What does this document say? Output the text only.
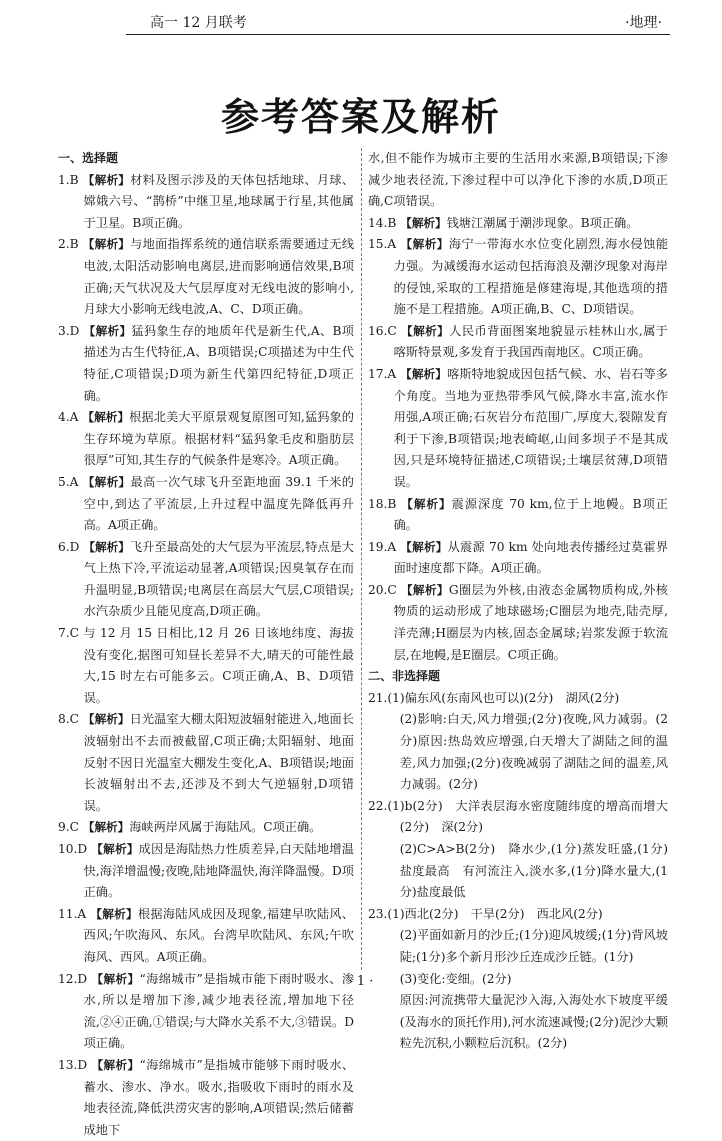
高一 12 月联考	·地理·
参考答案及解析
一、选择题
1.B 【解析】材料及图示涉及的天体包括地球、月球、嫦娥六号、“鹊桥”中继卫星,地球属于行星,其他属于卫星。B项正确。
2.B 【解析】与地面指挥系统的通信联系需要通过无线电波,太阳活动影响电离层,进而影响通信效果,B项正确;天气状况及大气层厚度对无线电波的影响小,月球大小影响无线电波,A、C、D项正确。
3.D 【解析】猛犸象生存的地质年代是新生代,A、B项描述为古生代特征,A、B项错误;C项描述为中生代特征,C项错误;D项为新生代第四纪特征,D项正确。
4.A 【解析】根据北美大平原景观复原图可知,猛犸象的生存环境为草原。根据材料“猛犸象毛皮和脂肪层很厚”可知,其生存的气候条件是寒冷。A项正确。
5.A 【解析】最高一次气球飞升至距地面 39.1 千米的空中,到达了平流层,上升过程中温度先降低再升高。A项正确。
6.D 【解析】飞升至最高处的大气层为平流层,特点是大气上热下冷,平流运动显著,A项错误;因臭氧存在而升温明显,B项错误;电离层在高层大气层,C项错误;水汽杂质少且能见度高,D项正确。
7.C 与 12 月 15 日相比,12 月 26 日该地纬度、海拔没有变化,据图可知昼长差异不大,晴天的可能性最大,15 时左右可能多云。C项正确,A、B、D项错误。
8.C 【解析】日光温室大棚太阳短波辐射能进入,地面长波辐射出不去而被截留,C项正确;太阳辐射、地面反射不因日光温室大棚发生变化,A、B项错误;地面长波辐射出不去,还涉及不到大气逆辐射,D项错误。
9.C 【解析】海峡两岸风属于海陆风。C项正确。
10.D 【解析】成因是海陆热力性质差异,白天陆地增温快,海洋增温慢;夜晚,陆地降温快,海洋降温慢。D项正确。
11.A 【解析】根据海陆风成因及现象,福建早吹陆风、西风;午吹海风、东风。台湾早吹陆风、东风;午吹海风、西风。A项正确。
12.D 【解析】“海绵城市”是指城市能下雨时吸水、渗水,所以是增加下渗,减少地表径流,增加地下径流,②④正确,①错误;与大降水关系不大,③错误。D项正确。
13.D 【解析】“海绵城市”是指城市能够下雨时吸水、蓄水、渗水、净水。吸水,指吸收下雨时的雨水及地表径流,降低洪涝灾害的影响,A项错误;然后储蓄成地下
水,但不能作为城市主要的生活用水来源,B项错误;下渗减少地表径流,下渗过程中可以净化下渗的水质,D项正确,C项错误。
14.B 【解析】钱塘江潮属于潮涉现象。B项正确。
15.A 【解析】海宁一带海水水位变化剧烈,海水侵蚀能力强。为减缓海水运动包括海浪及潮汐现象对海岸的侵蚀,采取的工程措施是修建海堤,其他选项的措施不是工程措施。A项正确,B、C、D项错误。
16.C 【解析】人民币背面图案地貌显示桂林山水,属于喀斯特景观,多发育于我国西南地区。C项正确。
17.A 【解析】喀斯特地貌成因包括气候、水、岩石等多个角度。当地为亚热带季风气候,降水丰富,流水作用强,A项正确;石灰岩分布范围广,厚度大,裂隙发育利于下渗,B项错误;地表崎岖,山间多坝子不是其成因,只是环境特征描述,C项错误;土壤层贫薄,D项错误。
18.B 【解析】震源深度 70 km,位于上地幔。B项正确。
19.A 【解析】从震源 70 km 处向地表传播经过莫霍界面时速度都下降。A项正确。
20.C 【解析】G圈层为外核,由液态金属物质构成,外核物质的运动形成了地球磁场;C圈层为地壳,陆壳厚,洋壳薄;H圈层为内核,固态金属球;岩浆发源于软流层,在地幔,是E圈层。C项正确。
二、非选择题
21.(1)偏东风(东南风也可以)(2分)　湖风(2分)
(2)影响:白天,风力增强;(2分)夜晚,风力减弱。(2分)原因:热岛效应增强,白天增大了湖陆之间的温差,风力加强;(2分)夜晚减弱了湖陆之间的温差,风力减弱。(2分)
22.(1)b(2分)　大洋表层海水密度随纬度的增高而增大(2分)　深(2分)
(2)C>A>B(2分)　降水少,(1分)蒸发旺盛,(1分)盐度最高　有河流注入,淡水多,(1分)降水量大,(1分)盐度最低
23.(1)西北(2分)　干旱(2分)　西北风(2分)
(2)平面如新月的沙丘;(1分)迎风坡缓;(1分)背风坡陡;(1分)多个新月形沙丘连成沙丘链。(1分)
(3)变化:变细。(2分)
原因:河流携带大量泥沙入海,入海处水下坡度平缓(及海水的顶托作用),河水流速减慢;(2分)泥沙大颗粒先沉积,小颗粒后沉积。(2分)
· 1 ·
